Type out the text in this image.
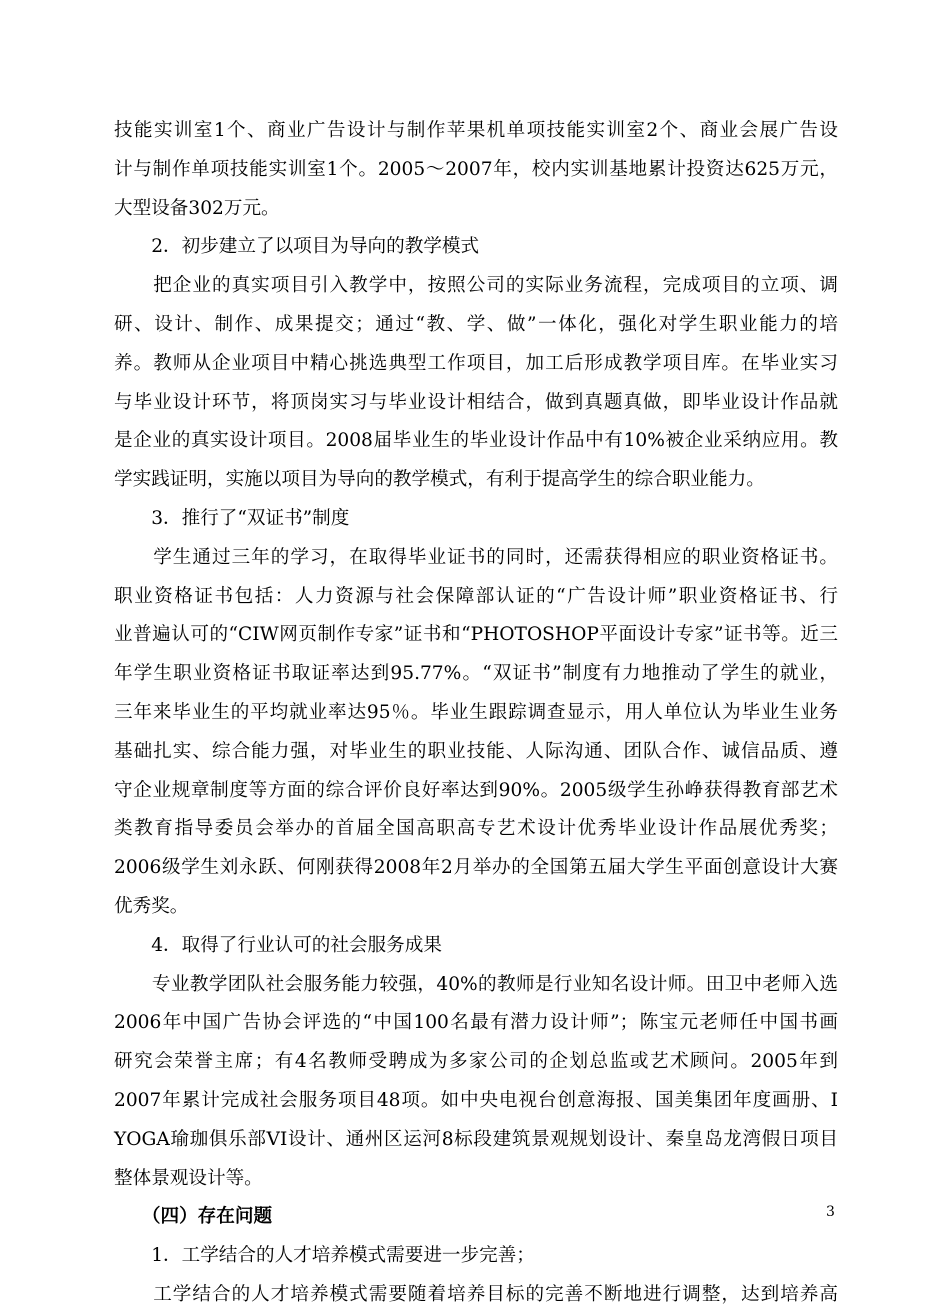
技能实训室1个、商业广告设计与制作苹果机单项技能实训室2个、商业会展广告设
计与制作单项技能实训室1个。2005～2007年，校内实训基地累计投资达625万元，
大型设备302万元。
　　2．初步建立了以项目为导向的教学模式
　　把企业的真实项目引入教学中，按照公司的实际业务流程，完成项目的立项、调
研、设计、制作、成果提交；通过“教、学、做”一体化，强化对学生职业能力的培
养。教师从企业项目中精心挑选典型工作项目，加工后形成教学项目库。在毕业实习
与毕业设计环节，将顶岗实习与毕业设计相结合，做到真题真做，即毕业设计作品就
是企业的真实设计项目。2008届毕业生的毕业设计作品中有10%被企业采纳应用。教
学实践证明，实施以项目为导向的教学模式，有利于提高学生的综合职业能力。
　　3．推行了“双证书”制度
　　学生通过三年的学习，在取得毕业证书的同时，还需获得相应的职业资格证书。
职业资格证书包括：人力资源与社会保障部认证的“广告设计师”职业资格证书、行
业普遍认可的“CIW网页制作专家”证书和“PHOTOSHOP平面设计专家”证书等。近三
年学生职业资格证书取证率达到95.77%。“双证书”制度有力地推动了学生的就业，
三年来毕业生的平均就业率达95％。毕业生跟踪调查显示，用人单位认为毕业生业务
基础扎实、综合能力强，对毕业生的职业技能、人际沟通、团队合作、诚信品质、遵
守企业规章制度等方面的综合评价良好率达到90%。2005级学生孙峥获得教育部艺术
类教育指导委员会举办的首届全国高职高专艺术设计优秀毕业设计作品展优秀奖；
2006级学生刘永跃、何刚获得2008年2月举办的全国第五届大学生平面创意设计大赛
优秀奖。
　　4．取得了行业认可的社会服务成果
　　专业教学团队社会服务能力较强，40%的教师是行业知名设计师。田卫中老师入选
2006年中国广告协会评选的“中国100名最有潜力设计师”；陈宝元老师任中国书画
研究会荣誉主席；有4名教师受聘成为多家公司的企划总监或艺术顾问。2005年到
2007年累计完成社会服务项目48项。如中央电视台创意海报、国美集团年度画册、I
YOGA瑜珈俱乐部VI设计、通州区运河8标段建筑景观规划设计、秦皇岛龙湾假日项目
整体景观设计等。
　　（四）存在问题
　　1．工学结合的人才培养模式需要进一步完善；
　　工学结合的人才培养模式需要随着培养目标的完善不断地进行调整，达到培养高
3
